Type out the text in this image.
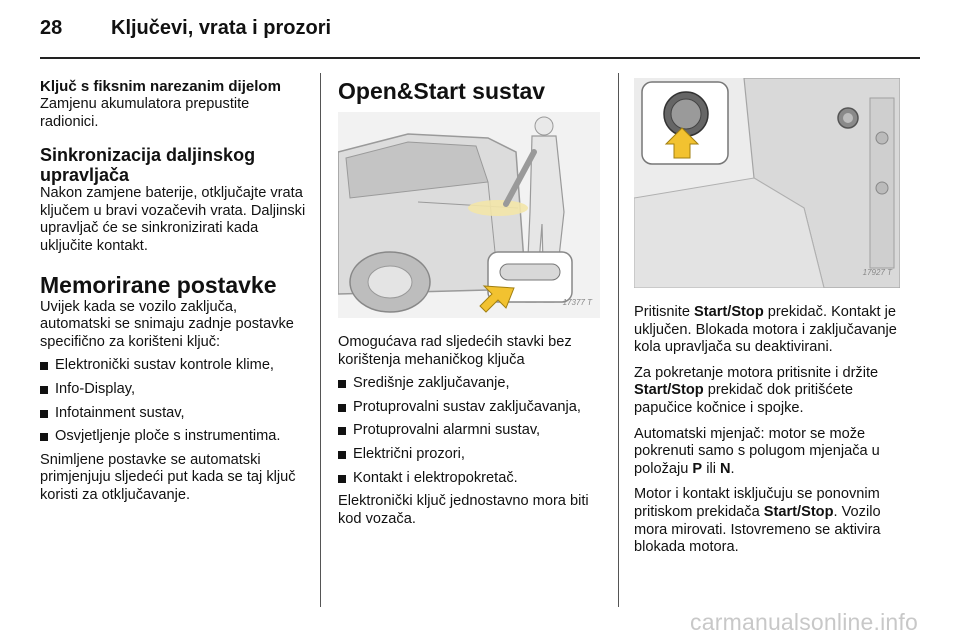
28 Ključevi, vrata i prozori
Ključ s fiksnim narezanim dijelom

Zamjenu akumulatora prepustite radionici.

Sinkronizacija daljinskog upravljača

Nakon zamjene baterije, otključajte vrata ključem u bravi vozačevih vrata. Daljinski upravljač će se sinkronizirati kada uključite kontakt.

Memorirane postavke

Uvijek kada se vozilo zaključa, automatski se snimaju zadnje postavke specifično za korišteni ključ:

Elektronički sustav kontrole klime,
Info-Display,
Infotainment sustav,
Osvjetljenje ploče s instrumentima.

Snimljene postavke se automatski primjenjuju sljedeći put kada se taj ključ koristi za otključavanje.

Open&Start sustav
17377 T

Omogućava rad sljedećih stavki bez korištenja mehaničkog ključa

Središnje zaključavanje,
Protuprovalni sustav zaključavanja,
Protuprovalni alarmni sustav,
Električni prozori,
Kontakt i elektropokretač.

Elektronički ključ jednostavno mora biti kod vozača.

17927 T

Pritisnite Start/Stop prekidač. Kontakt je uključen. Blokada motora i zaključavanje kola upravljača su deaktivirani.

Za pokretanje motora pritisnite i držite Start/Stop prekidač dok pritišćete papučice kočnice i spojke.

Automatski mjenjač: motor se može pokrenuti samo s polugom mjenjača u položaju P ili N.

Motor i kontakt isključuju se ponovnim pritiskom prekidača Start/Stop. Vozilo mora mirovati. Istovremeno se aktivira blokada motora.

carmanualsonline.info
